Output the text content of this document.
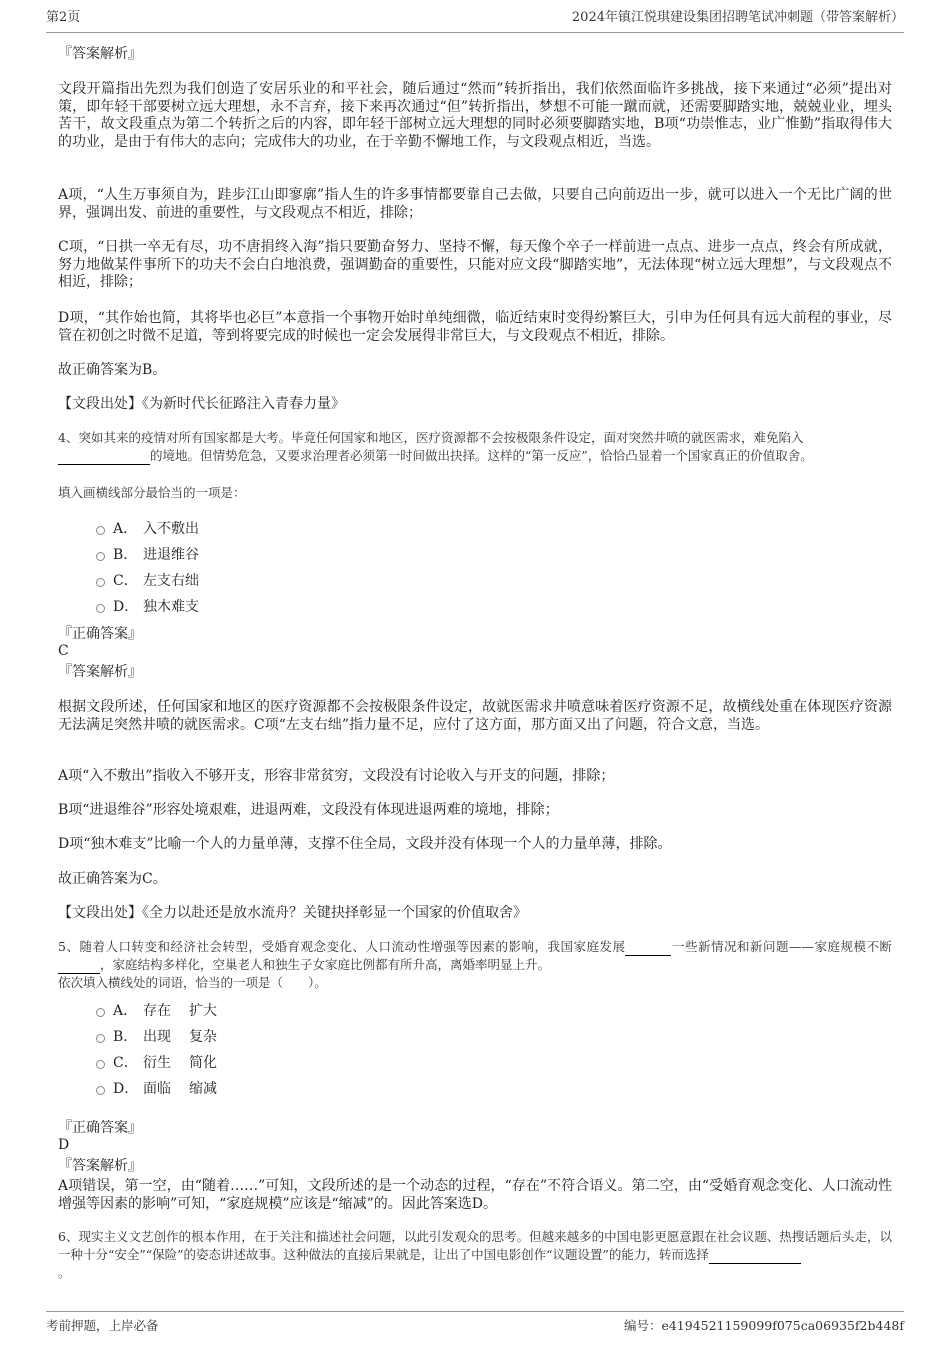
第2页	2024年镇江悦琪建设集团招聘笔试冲刺题（带答案解析）

『答案解析』

文段开篇指出先烈为我们创造了安居乐业的和平社会，随后通过“然而”转折指出，我们依然面临许多挑战，接下来通过“必须”提出对策，即年轻干部要树立远大理想，永不言弃，接下来再次通过“但”转折指出，梦想不可能一蹴而就，还需要脚踏实地，兢兢业业，埋头苦干，故文段重点为第二个转折之后的内容，即年轻干部树立远大理想的同时必须要脚踏实地，B项“功崇惟志，业广惟勤”指取得伟大的功业，是由于有伟大的志向；完成伟大的功业，在于辛勤不懈地工作，与文段观点相近，当选。

A项，“人生万事须自为，跬步江山即寥廓”指人生的许多事情都要靠自己去做，只要自己向前迈出一步，就可以进入一个无比广阔的世界，强调出发、前进的重要性，与文段观点不相近，排除；

C项，“日拱一卒无有尽，功不唐捐终入海”指只要勤奋努力、坚持不懈，每天像个卒子一样前进一点点、进步一点点，终会有所成就，努力地做某件事所下的功夫不会白白地浪费，强调勤奋的重要性，只能对应文段“脚踏实地”，无法体现“树立远大理想”，与文段观点不相近，排除；

D项，“其作始也简，其将毕也必巨”本意指一个事物开始时单纯细微，临近结束时变得纷繁巨大，引申为任何具有远大前程的事业，尽管在初创之时微不足道，等到将要完成的时候也一定会发展得非常巨大，与文段观点不相近，排除。

故正确答案为B。

【文段出处】《为新时代长征路注入青春力量》

4、突如其来的疫情对所有国家都是大考。毕竟任何国家和地区，医疗资源都不会按极限条件设定，面对突然井喷的就医需求，难免陷入
的境地。但情势危急，又要求治理者必须第一时间做出抉择。这样的“第一反应”，恰恰凸显着一个国家真正的价值取舍。

填入画横线部分最恰当的一项是：

A． 入不敷出
B． 进退维谷
C． 左支右绌
D． 独木难支

『正确答案』

C

『答案解析』

根据文段所述，任何国家和地区的医疗资源都不会按极限条件设定，故就医需求井喷意味着医疗资源不足，故横线处重在体现医疗资源无法满足突然井喷的就医需求。C项“左支右绌”指力量不足，应付了这方面，那方面又出了问题，符合文意，当选。

A项“入不敷出”指收入不够开支，形容非常贫穷，文段没有讨论收入与开支的问题，排除；

B项“进退维谷”形容处境艰难，进退两难，文段没有体现进退两难的境地，排除；

D项“独木难支”比喻一个人的力量单薄，支撑不住全局，文段并没有体现一个人的力量单薄，排除。

故正确答案为C。

【文段出处】《全力以赴还是放水流舟？关键抉择彰显一个国家的价值取舍》

5、随着人口转变和经济社会转型，受婚育观念变化、人口流动性增强等因素的影响，我国家庭发展	一些新情况和新问题——家庭规模不断，家庭结构多样化，空巢老人和独生子女家庭比例都有所升高，离婚率明显上升。
依次填入横线处的词语，恰当的一项是（　　）。

A． 存在 扩大
B． 出现 复杂
C． 衍生 简化
D． 面临 缩减

『正确答案』

D

『答案解析』

A项错误，第一空，由“随着……”可知，文段所述的是一个动态的过程，“存在”不符合语义。第二空，由“受婚育观念变化、人口流动性增强等因素的影响”可知，“家庭规模”应该是“缩减”的。因此答案选D。

6、现实主义文艺创作的根本作用，在于关注和描述社会问题，以此引发观众的思考。但越来越多的中国电影更愿意跟在社会议题、热搜话题后头走，以一种十分“安全”“保险”的姿态讲述故事。这种做法的直接后果就是，让出了中国电影创作“议题设置”的能力，转而选择
。

考前押题，上岸必备	编号：e4194521159099f075ca06935f2b448f
